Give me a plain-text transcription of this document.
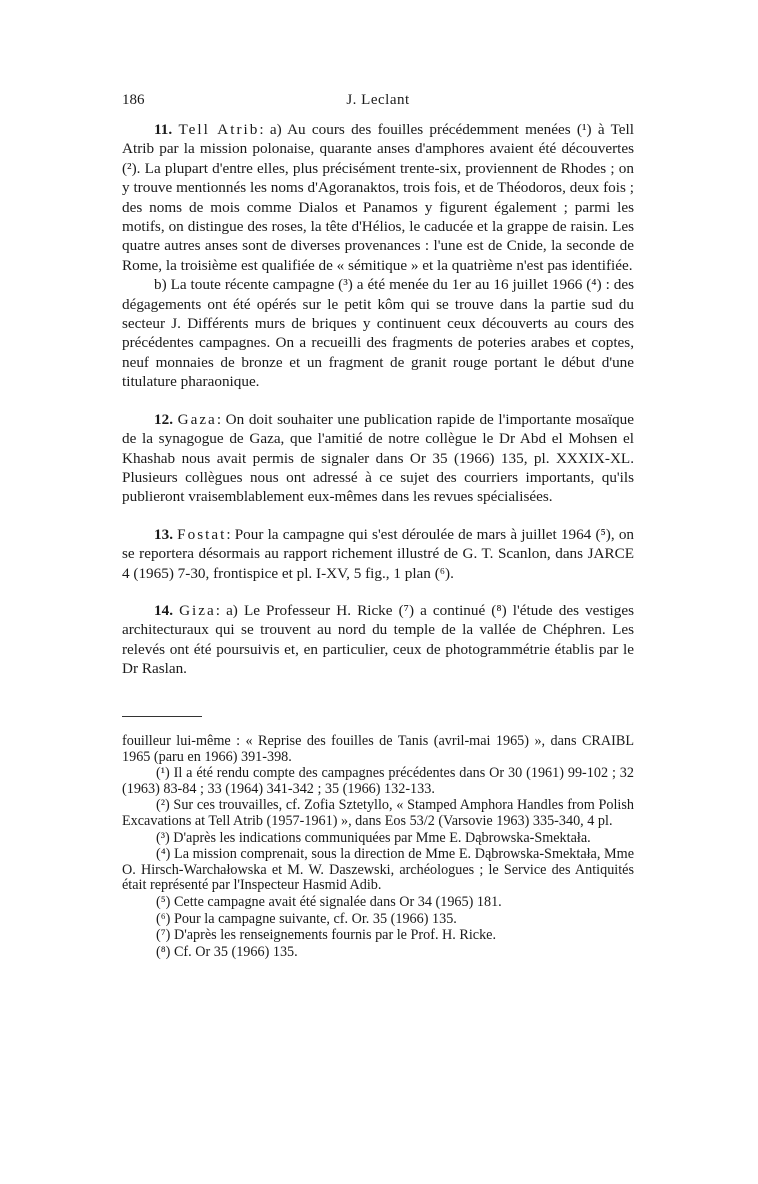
186	J. Leclant

11. Tell Atrib: a) Au cours des fouilles précédemment menées (¹) à Tell Atrib par la mission polonaise, quarante anses d'amphores avaient été découvertes (²). La plupart d'entre elles, plus précisément trente-six, proviennent de Rhodes ; on y trouve mentionnés les noms d'Agoranaktos, trois fois, et de Théodoros, deux fois ; des noms de mois comme Dialos et Panamos y figurent également ; parmi les motifs, on distingue des roses, la tête d'Hélios, le caducée et la grappe de raisin. Les quatre autres anses sont de diverses provenances : l'une est de Cnide, la seconde de Rome, la troisième est qualifiée de « sémitique » et la quatrième n'est pas identifiée.

b) La toute récente campagne (³) a été menée du 1er au 16 juillet 1966 (⁴) : des dégagements ont été opérés sur le petit kôm qui se trouve dans la partie sud du secteur J. Différents murs de briques y continuent ceux découverts au cours des précédentes campagnes. On a recueilli des fragments de poteries arabes et coptes, neuf monnaies de bronze et un fragment de granit rouge portant le début d'une titulature pharaonique.

12. Gaza: On doit souhaiter une publication rapide de l'importante mosaïque de la synagogue de Gaza, que l'amitié de notre collègue le Dr Abd el Mohsen el Khashab nous avait permis de signaler dans Or 35 (1966) 135, pl. XXXIX-XL. Plusieurs collègues nous ont adressé à ce sujet des courriers importants, qu'ils publieront vraisemblablement eux-mêmes dans les revues spécialisées.

13. Fostat: Pour la campagne qui s'est déroulée de mars à juillet 1964 (⁵), on se reportera désormais au rapport richement illustré de G. T. Scanlon, dans JARCE 4 (1965) 7-30, frontispice et pl. I-XV, 5 fig., 1 plan (⁶).

14. Giza: a) Le Professeur H. Ricke (⁷) a continué (⁸) l'étude des vestiges architecturaux qui se trouvent au nord du temple de la vallée de Chéphren. Les relevés ont été poursuivis et, en particulier, ceux de photogrammétrie établis par le Dr Raslan.

fouilleur lui-même : « Reprise des fouilles de Tanis (avril-mai 1965) », dans CRAIBL 1965 (paru en 1966) 391-398.

(¹) Il a été rendu compte des campagnes précédentes dans Or 30 (1961) 99-102 ; 32 (1963) 83-84 ; 33 (1964) 341-342 ; 35 (1966) 132-133.

(²) Sur ces trouvailles, cf. Zofia Sztetyllo, « Stamped Amphora Handles from Polish Excavations at Tell Atrib (1957-1961) », dans Eos 53/2 (Varsovie 1963) 335-340, 4 pl.

(³) D'après les indications communiquées par Mme E. Dąbrowska-Smektała.

(⁴) La mission comprenait, sous la direction de Mme E. Dąbrowska-Smektała, Mme O. Hirsch-Warchałowska et M. W. Daszewski, archéologues ; le Service des Antiquités était représenté par l'Inspecteur Hasmid Adib.

(⁵) Cette campagne avait été signalée dans Or 34 (1965) 181.

(⁶) Pour la campagne suivante, cf. Or. 35 (1966) 135.

(⁷) D'après les renseignements fournis par le Prof. H. Ricke.

(⁸) Cf. Or 35 (1966) 135.
